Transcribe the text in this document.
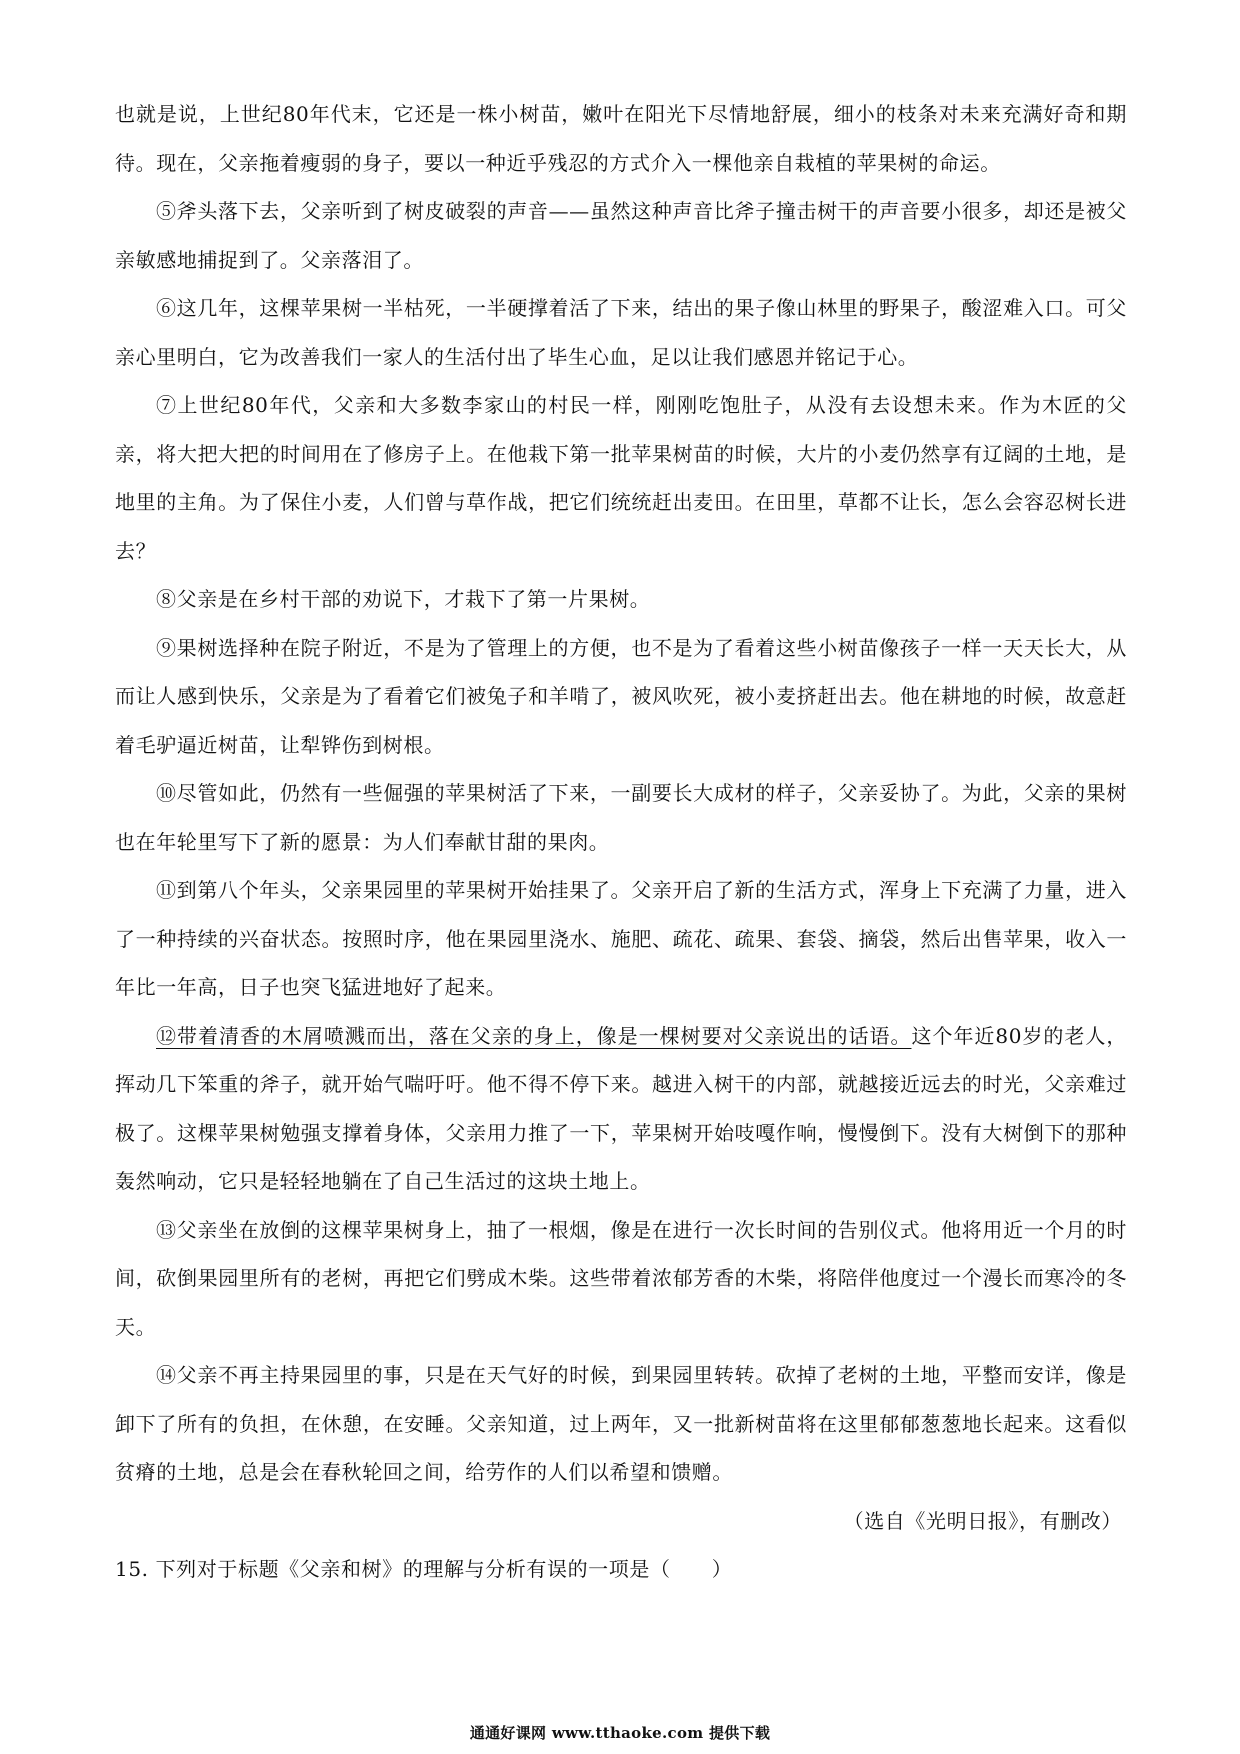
也就是说，上世纪80年代末，它还是一株小树苗，嫩叶在阳光下尽情地舒展，细小的枝条对未来充满好奇和期待。现在，父亲拖着瘦弱的身子，要以一种近乎残忍的方式介入一棵他亲自栽植的苹果树的命运。

⑤斧头落下去，父亲听到了树皮破裂的声音——虽然这种声音比斧子撞击树干的声音要小很多，却还是被父亲敏感地捕捉到了。父亲落泪了。

⑥这几年，这棵苹果树一半枯死，一半硬撑着活了下来，结出的果子像山林里的野果子，酸涩难入口。可父亲心里明白，它为改善我们一家人的生活付出了毕生心血，足以让我们感恩并铭记于心。

⑦上世纪80年代，父亲和大多数李家山的村民一样，刚刚吃饱肚子，从没有去设想未来。作为木匠的父亲，将大把大把的时间用在了修房子上。在他栽下第一批苹果树苗的时候，大片的小麦仍然享有辽阔的土地，是地里的主角。为了保住小麦，人们曾与草作战，把它们统统赶出麦田。在田里，草都不让长，怎么会容忍树长进去？

⑧父亲是在乡村干部的劝说下，才栽下了第一片果树。

⑨果树选择种在院子附近，不是为了管理上的方便，也不是为了看着这些小树苗像孩子一样一天天长大，从而让人感到快乐，父亲是为了看着它们被兔子和羊啃了，被风吹死，被小麦挤赶出去。他在耕地的时候，故意赶着毛驴逼近树苗，让犁铧伤到树根。

⑩尽管如此，仍然有一些倔强的苹果树活了下来，一副要长大成材的样子，父亲妥协了。为此，父亲的果树也在年轮里写下了新的愿景：为人们奉献甘甜的果肉。

⑪到第八个年头，父亲果园里的苹果树开始挂果了。父亲开启了新的生活方式，浑身上下充满了力量，进入了一种持续的兴奋状态。按照时序，他在果园里浇水、施肥、疏花、疏果、套袋、摘袋，然后出售苹果，收入一年比一年高，日子也突飞猛进地好了起来。

⑫带着清香的木屑喷溅而出，落在父亲的身上，像是一棵树要对父亲说出的话语。这个年近80岁的老人，挥动几下笨重的斧子，就开始气喘吁吁。他不得不停下来。越进入树干的内部，就越接近远去的时光，父亲难过极了。这棵苹果树勉强支撑着身体，父亲用力推了一下，苹果树开始吱嘎作响，慢慢倒下。没有大树倒下的那种轰然响动，它只是轻轻地躺在了自己生活过的这块土地上。

⑬父亲坐在放倒的这棵苹果树身上，抽了一根烟，像是在进行一次长时间的告别仪式。他将用近一个月的时间，砍倒果园里所有的老树，再把它们劈成木柴。这些带着浓郁芳香的木柴，将陪伴他度过一个漫长而寒冷的冬天。

⑭父亲不再主持果园里的事，只是在天气好的时候，到果园里转转。砍掉了老树的土地，平整而安详，像是卸下了所有的负担，在休憩，在安睡。父亲知道，过上两年，又一批新树苗将在这里郁郁葱葱地长起来。这看似贫瘠的土地，总是会在春秋轮回之间，给劳作的人们以希望和馈赠。

（选自《光明日报》，有删改）

15. 下列对于标题《父亲和树》的理解与分析有误的一项是（　　）

通通好课网 www.tthaoke.com 提供下载
